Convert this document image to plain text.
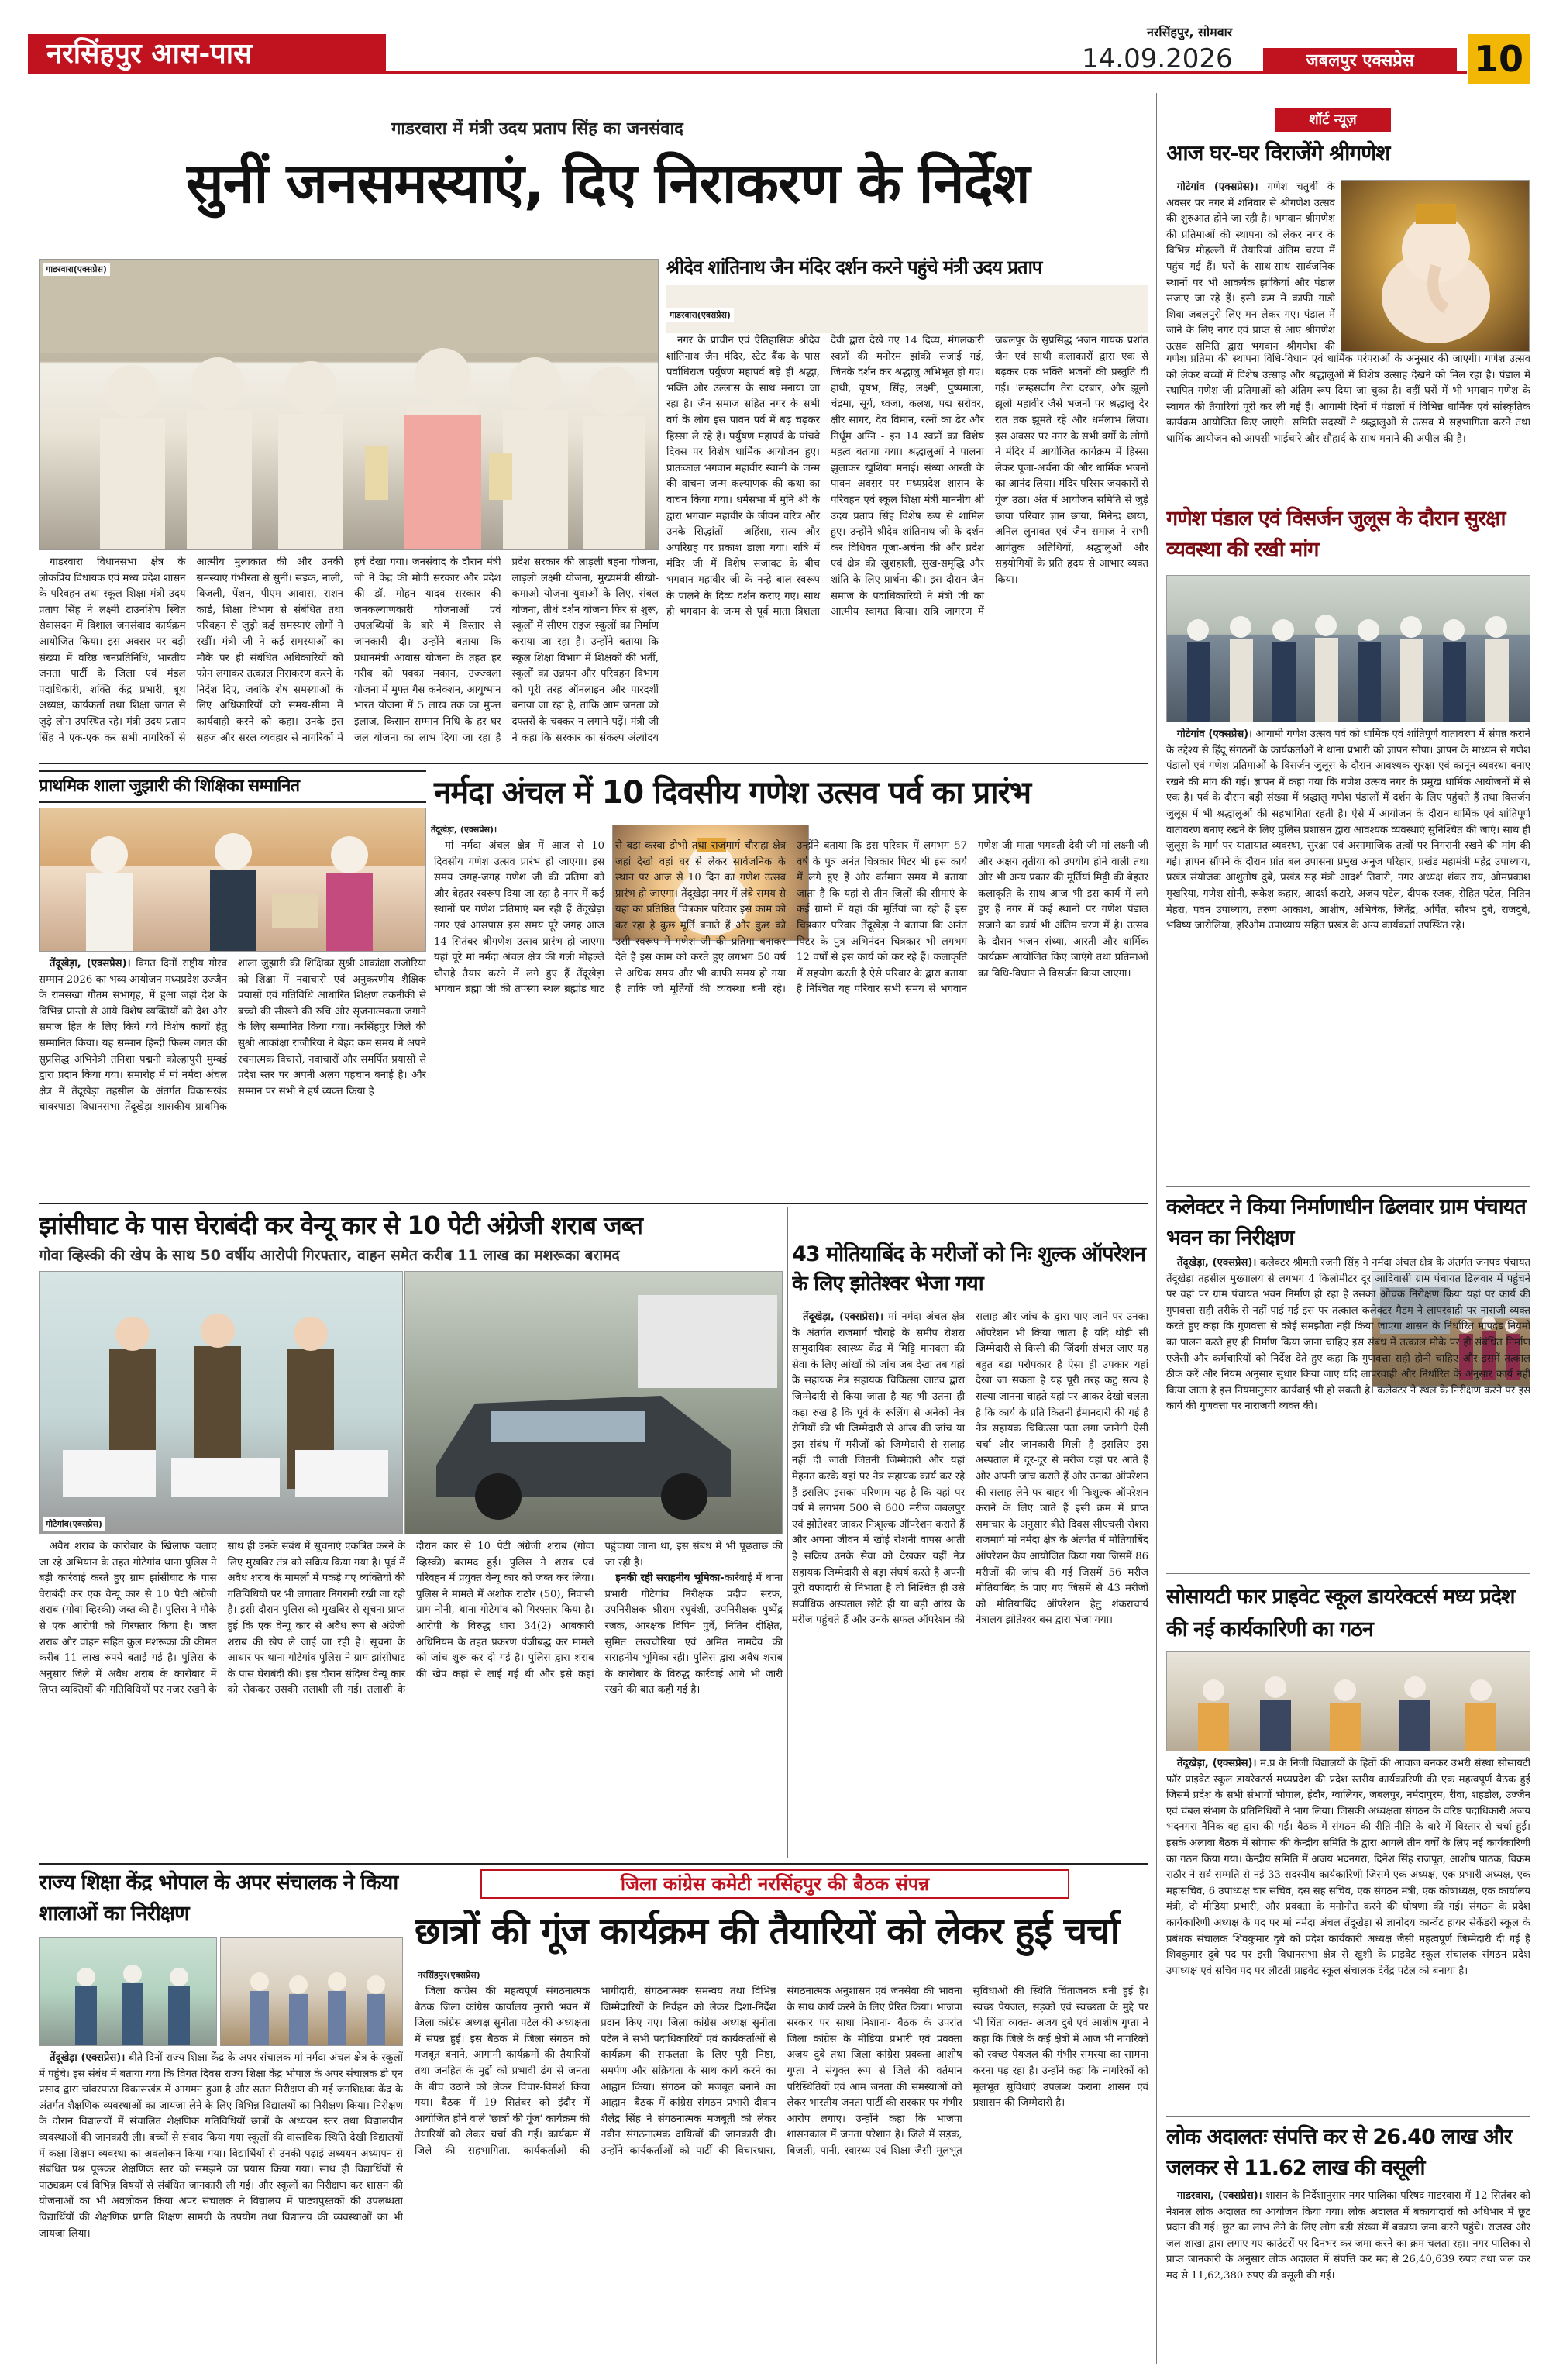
नरसिंहपुर आस-पास
नरसिंहपुर, सोमवार
14.09.2026	जबलपुर एक्सप्रेस	10
गाडरवारा में मंत्री उदय प्रताप सिंह का जनसंवाद
सुनीं जनसमस्याएं, दिए निराकरण के निर्देश
गाडरवारा(एक्सप्रेस)

गाडरवारा विधानसभा क्षेत्र के लोकप्रिय विधायक एवं मध्य प्रदेश शासन के परिवहन तथा स्कूल शिक्षा मंत्री उदय प्रताप सिंह ने लक्ष्मी टाउनशिप स्थित सेवासदन में विशाल जनसंवाद कार्यक्रम आयोजित किया। इस अवसर पर बड़ी संख्या में वरिष्ठ जनप्रतिनिधि, भारतीय जनता पार्टी के जिला एवं मंडल पदाधिकारी, शक्ति केंद्र प्रभारी, बूथ अध्यक्ष, कार्यकर्ता तथा शिक्षा जगत से जुड़े लोग उपस्थित रहे। मंत्री उदय प्रताप सिंह ने एक-एक कर सभी नागरिकों से आत्मीय मुलाकात की और उनकी समस्याएं गंभीरता से सुनीं। सड़क, नाली, बिजली, पेंशन, पीएम आवास, राशन कार्ड, शिक्षा विभाग से संबंधित तथा परिवहन से जुड़ी कई समस्याएं लोगों ने रखीं। मंत्री जी ने कई समस्याओं का मौके पर ही संबंधित अधिकारियों को फोन लगाकर तत्काल निराकरण करने के निर्देश दिए, जबकि शेष समस्याओं के लिए अधिकारियों को समय-सीमा में कार्यवाही करने को कहा। उनके इस सहज और सरल व्यवहार से नागरिकों में हर्ष देखा गया। जनसंवाद के दौरान मंत्री जी ने केंद्र की मोदी सरकार और प्रदेश की डॉ. मोहन यादव सरकार की जनकल्याणकारी योजनाओं एवं उपलब्धियों के बारे में विस्तार से जानकारी दी। उन्होंने बताया कि प्रधानमंत्री आवास योजना के तहत हर गरीब को पक्का मकान, उज्ज्वला योजना में मुफ्त गैस कनेक्शन, आयुष्मान भारत योजना में 5 लाख तक का मुफ्त इलाज, किसान सम्मान निधि के हर घर जल योजना का लाभ दिया जा रहा है प्रदेश सरकार की लाड़ली बहना योजना, लाड़ली लक्ष्मी योजना, मुख्यमंत्री सीखो-कमाओ योजना युवाओं के लिए, संबल योजना, तीर्थ दर्शन योजना फिर से शुरू, स्कूलों में सीएम राइज स्कूलों का निर्माण कराया जा रहा है। उन्होंने बताया कि स्कूल शिक्षा विभाग में शिक्षकों की भर्ती, स्कूलों का उन्नयन और परिवहन विभाग को पूरी तरह ऑनलाइन और पारदर्शी बनाया जा रहा है, ताकि आम जनता को दफ्तरों के चक्कर न लगाने पड़ें। मंत्री जी ने कहा कि सरकार का संकल्प अंत्योदय

श्रीदेव शांतिनाथ जैन मंदिर दर्शन करने पहुंचे मंत्री उदय प्रताप
गाडरवारा(एक्सप्रेस)

नगर के प्राचीन एवं ऐतिहासिक श्रीदेव शांतिनाथ जैन मंदिर, स्टेट बैंक के पास पर्वाधिराज पर्युषण महापर्व बड़े ही श्रद्धा, भक्ति और उल्लास के साथ मनाया जा रहा है। जैन समाज सहित नगर के सभी वर्ग के लोग इस पावन पर्व में बढ़ चढ़कर हिस्सा ले रहे हैं। पर्युषण महापर्व के पांचवे दिवस पर विशेष धार्मिक आयोजन हुए। प्रातःकाल भगवान महावीर स्वामी के जन्म की वाचना जन्म कल्याणक की कथा का वाचन किया गया। धर्मसभा में मुनि श्री के द्वारा भगवान महावीर के जीवन चरित्र और उनके सिद्धांतों - अहिंसा, सत्य और अपरिग्रह पर प्रकाश डाला गया। रात्रि में मंदिर जी में विशेष सजावट के बीच भगवान महावीर जी के नन्हे बाल स्वरूप के पालने के दिव्य दर्शन कराए गए। साथ ही भगवान के जन्म से पूर्व माता त्रिशला देवी द्वारा देखे गए 14 दिव्य, मंगलकारी स्वप्नों की मनोरम झांकी सजाई गई, जिनके दर्शन कर श्रद्धालु अभिभूत हो गए। हाथी, वृषभ, सिंह, लक्ष्मी, पुष्पमाला, चंद्रमा, सूर्य, ध्वजा, कलश, पद्म सरोवर, क्षीर सागर, देव विमान, रत्नों का ढेर और निर्धूम अग्नि - इन 14 स्वप्नों का विशेष महत्व बताया गया। श्रद्धालुओं ने पालना झुलाकर खुशियां मनाई। संध्या आरती के पावन अवसर पर मध्यप्रदेश शासन के परिवहन एवं स्कूल शिक्षा मंत्री माननीय श्री उदय प्रताप सिंह विशेष रूप से शामिल हुए। उन्होंने श्रीदेव शांतिनाथ जी के दर्शन कर विधिवत पूजा-अर्चना की और प्रदेश एवं क्षेत्र की खुशहाली, सुख-समृद्धि और शांति के लिए प्रार्थना की। इस दौरान जैन समाज के पदाधिकारियों ने मंत्री जी का आत्मीय स्वागत किया। रात्रि जागरण में जबलपुर के सुप्रसिद्ध भजन गायक प्रशांत जैन एवं साथी कलाकारों द्वारा एक से बढ़कर एक भक्ति भजनों की प्रस्तुति दी गई। 'लम्हसर्वांग तेरा दरबार, और झूलो झूलो महावीर जैसे भजनों पर श्रद्धालु देर रात तक झूमते रहे और धर्मलाभ लिया। इस अवसर पर नगर के सभी वर्गों के लोगों ने मंदिर में आयोजित कार्यक्रम में हिस्सा लेकर पूजा-अर्चना की और धार्मिक भजनों का आनंद लिया। मंदिर परिसर जयकारों से गूंज उठा। अंत में आयोजन समिति से जुड़े छाया परिवार ज्ञान छाया, मिनेन्द्र छाया, अनिल लुनावत एवं जैन समाज ने सभी आगंतुक अतिथियों, श्रद्धालुओं और सहयोगियों के प्रति हृदय से आभार व्यक्त किया।

शॉर्ट न्यूज़
आज घर-घर विराजेंगे श्रीगणेश

गोटेगांव (एक्सप्रेस)। गणेश चतुर्थी के अवसर पर नगर में शनिवार से श्रीगणेश उत्सव की शुरुआत होने जा रही है। भगवान श्रीगणेश की प्रतिमाओं की स्थापना को लेकर नगर के विभिन्न मोहल्लों में तैयारियां अंतिम चरण में पहुंच गई हैं। घरों के साथ-साथ सार्वजनिक स्थानों पर भी आकर्षक झांकियां और पंडाल सजाए जा रहे हैं। इसी क्रम में काफी गाडी शिवा जबलपुरी लिए मन लेकर गए। पंडाल में जाने के लिए नगर एवं प्राप्त से आए श्रीगणेश उत्सव समिति द्वारा भगवान श्रीगणेश की

गणेश प्रतिमा की स्थापना विधि-विधान एवं धार्मिक परंपराओं के अनुसार की जाएगी। गणेश उत्सव को लेकर बच्चों में विशेष उत्साह और श्रद्धालुओं में विशेष उत्साह देखने को मिल रहा है। पंडाल में स्थापित गणेश जी प्रतिमाओं को अंतिम रूप दिया जा चुका है। वहीं घरों में भी भगवान गणेश के स्वागत की तैयारियां पूरी कर ली गई हैं। आगामी दिनों में पंडालों में विभिन्न धार्मिक एवं सांस्कृतिक कार्यक्रम आयोजित किए जाएंगे। समिति सदस्यों ने श्रद्धालुओं से उत्सव में सहभागिता करने तथा धार्मिक आयोजन को आपसी भाईचारे और सौहार्द के साथ मनाने की अपील की है।

गणेश पंडाल एवं विसर्जन जुलूस के दौरान सुरक्षा व्यवस्था की रखी मांग

गोटेगांव (एक्सप्रेस)। आगामी गणेश उत्सव पर्व को धार्मिक एवं शांतिपूर्ण वातावरण में संपन्न कराने के उद्देश्य से हिंदू संगठनों के कार्यकर्ताओं ने थाना प्रभारी को ज्ञापन सौंपा। ज्ञापन के माध्यम से गणेश पंडालों एवं गणेश प्रतिमाओं के विसर्जन जुलूस के दौरान आवश्यक सुरक्षा एवं कानून-व्यवस्था बनाए रखने की मांग की गई। ज्ञापन में कहा गया कि गणेश उत्सव नगर के प्रमुख धार्मिक आयोजनों में से एक है। पर्व के दौरान बड़ी संख्या में श्रद्धालु गणेश पंडालों में दर्शन के लिए पहुंचते हैं तथा विसर्जन जुलूस में भी श्रद्धालुओं की सहभागिता रहती है। ऐसे में आयोजन के दौरान धार्मिक एवं शांतिपूर्ण वातावरण बनाए रखने के लिए पुलिस प्रशासन द्वारा आवश्यक व्यवस्थाएं सुनिश्चित की जाएं। साथ ही जुलूस के मार्ग पर यातायात व्यवस्था, सुरक्षा एवं असामाजिक तत्वों पर निगरानी रखने की मांग की गई। ज्ञापन सौंपने के दौरान प्रांत बल उपासना प्रमुख अनुज परिहार, प्रखंड महामंत्री महेंद्र उपाध्याय, प्रखंड संयोजक आशुतोष दुबे, प्रखंड सह मंत्री आदर्श तिवारी, नगर अध्यक्ष शंकर राय, ओमप्रकाश मुखरिया, गणेश सोनी, रूकेश कहार, आदर्श कटारे, अजय पटेल, दीपक रजक, रोहित पटेल, नितिन मेहरा, पवन उपाध्याय, तरुण आकाश, आशीष, अभिषेक, जितेंद्र, अर्पित, सौरभ दुबे, राजदुबे, भविष्य जारौलिया, हरिओम उपाध्याय सहित प्रखंड के अन्य कार्यकर्ता उपस्थित रहे।

कलेक्टर ने किया निर्माणाधीन ढिलवार ग्राम पंचायत भवन का निरीक्षण

तेंदूखेड़ा, (एक्सप्रेस)। कलेक्टर श्रीमती रजनी सिंह ने नर्मदा अंचल क्षेत्र के अंतर्गत जनपद पंचायत तेंदूखेड़ा तहसील मुख्यालय से लगभग 4 किलोमीटर दूर आदिवासी ग्राम पंचायत ढिलवार में पहुंचने पर वहां पर ग्राम पंचायत भवन निर्माण हो रहा है उसका औचक निरीक्षण किया यहां पर कार्य की गुणवत्ता सही तरीके से नहीं पाई गई इस पर तत्काल कलेक्टर मैडम ने लापरवाही पर नाराजी व्यक्त करते हुए कहा कि गुणवत्ता से कोई समझौता नहीं किया जाएगा शासन के निर्धारित मापदंड नियमों का पालन करते हुए ही निर्माण किया जाना चाहिए इस संबंध में तत्काल मौके पर ही संबंधित निर्माण एजेंसी और कर्मचारियों को निर्देश देते हुए कहा कि गुणवत्ता सही होनी चाहिए और इसमें तत्काल ठीक करें और नियम अनुसार सुधार किया जाए यदि लापरवाही और निर्धारित के अनुसार कार्य नहीं किया जाता है इस नियमानुसार कार्यवाई भी हो सकती है। कलेक्टर ने स्थल के निरीक्षण करने पर इस कार्य की गुणवत्ता पर नाराजगी व्यक्त की।

सोसायटी फार प्राइवेट स्कूल डायरेक्टर्स मध्य प्रदेश की नई कार्यकारिणी का गठन

तेंदूखेड़ा, (एक्सप्रेस)। म.प्र के निजी विद्यालयों के हितों की आवाज बनकर उभरी संस्था सोसायटी फॉर प्राइवेट स्कूल डायरेक्टर्स मध्यप्रदेश की प्रदेश स्तरीय कार्यकारिणी की एक महत्वपूर्ण बैठक हुई जिसमें प्रदेश के सभी संभागों भोपाल, इंदौर, ग्वालियर, जबलपुर, नर्मदापुरम, रीवा, शहडोल, उज्जैन एवं चंबल संभाग के प्रतिनिधियों ने भाग लिया। जिसकी अध्यक्षता संगठन के वरिष्ठ पदाधिकारी अजय भदनगरा नैनिक वह द्वारा की गई। बैठक में संगठन की रीति-नीति के बारे में विस्तार से चर्चा हुई। इसके अलावा बैठक में सोपास की केन्द्रीय समिति के द्वारा आगले तीन वर्षों के लिए नई कार्यकारिणी का गठन किया गया। केन्द्रीय समिति में अजय भदनगरा, दिनेश सिंह राजपूत, आशीष पाठक, विक्रम राठौर ने सर्व सम्मति से नई 33 सदस्यीय कार्यकारिणी जिसमें एक अध्यक्ष, एक प्रभारी अध्यक्ष, एक महासचिव, 6 उपाध्यक्ष चार सचिव, दस सह सचिव, एक संगठन मंत्री, एक कोषाध्यक्ष, एक कार्यालय मंत्री, दो मीडिया प्रभारी, और प्रवक्ता के मनोनीत करने की घोषणा की गई। संगठन के प्रदेश कार्यकारिणी अध्यक्ष के पद पर मां नर्मदा अंचल तेंदूखेड़ा से ज्ञानोदय कान्वेंट हायर सेकेंडरी स्कूल के प्रबंधक संचालक शिवकुमार दुबे को प्रदेश कार्यकारी अध्यक्ष जैसी महत्वपूर्ण जिम्मेदारी दी गई है शिवकुमार दुबे पद पर इसी विधानसभा क्षेत्र से खुशी के प्राइवेट स्कूल संचालक संगठन प्रदेश उपाध्यक्ष एवं सचिव पद पर लौटती प्राइवेट स्कूल संचालक देवेंद्र पटेल को बनाया है।

लोक अदालतः संपत्ति कर से 26.40 लाख और जलकर से 11.62 लाख की वसूली

गाडरवारा, (एक्सप्रेस)। शासन के निर्देशानुसार नगर पालिका परिषद गाडरवारा में 12 सितंबर को नेशनल लोक अदालत का आयोजन किया गया। लोक अदालत में बकायादारों को अधिभार में छूट प्रदान की गई। छूट का लाभ लेने के लिए लोग बड़ी संख्या में बकाया जमा करने पहुंचे। राजस्व और जल शाखा द्वारा लगाए गए काउंटरों पर दिनभर कर जमा करने का क्रम चलता रहा। नगर पालिका से प्राप्त जानकारी के अनुसार लोक अदालत में संपत्ति कर मद से 26,40,639 रुपए तथा जल कर मद से 11,62,380 रुपए की वसूली की गई।

प्राथमिक शाला जुझारी की शिक्षिका सम्मानित

तेंदूखेड़ा, (एक्सप्रेस)। विगत दिनों राष्ट्रीय गौरव सम्मान 2026 का भव्य आयोजन मध्यप्रदेश उज्जैन के रामसखा गौतम सभागृह, में हुआ जहां देश के विभिन्न प्रान्तो से आये विशेष व्यक्तियों को देश और समाज हित के लिए किये गये विशेष कार्यों हेतु सम्मानित किया। यह सम्मान हिन्दी फिल्म जगत की सुप्रसिद्ध अभिनेत्री तनिशा पद्मनी कोल्हापुरी मुम्बई द्वारा प्रदान किया गया। समारोह में मां नर्मदा अंचल क्षेत्र में तेंदूखेड़ा तहसील के अंतर्गत विकासखंड चावरपाठा विधानसभा तेंदूखेड़ा शासकीय प्राथमिक शाला जुझारी की शिक्षिका सुश्री आकांक्षा राजौरिया को शिक्षा में नवाचारी एवं अनुकरणीय शैक्षिक प्रयासों एवं गतिविधि आधारित शिक्षण तकनीकी से बच्चों की सीखने की रुचि और सृजनात्मकता जगाने के लिए सम्मानित किया गया। नरसिंहपुर जिले की सुश्री आकांक्षा राजौरिया ने बेहद कम समय में अपने रचनात्मक विचारों, नवाचारों और समर्पित प्रयासों से प्रदेश स्तर पर अपनी अलग पहचान बनाई है। और सम्मान पर सभी ने हर्ष व्यक्त किया है

नर्मदा अंचल में 10 दिवसीय गणेश उत्सव पर्व का प्रारंभ
तेंदूखेड़ा, (एक्सप्रेस)।

मां नर्मदा अंचल क्षेत्र में आज से 10 दिवसीय गणेश उत्सव प्रारंभ हो जाएगा। इस समय जगह-जगह गणेश जी की प्रतिमा को और बेहतर स्वरूप दिया जा रहा है नगर में कई स्थानों पर गणेश प्रतिमाएं बन रही हैं तेंदूखेड़ा नगर एवं आसपास इस समय पूरे जगह आज 14 सितंबर श्रीगणेश उत्सव प्रारंभ हो जाएगा यहां पूरे मां नर्मदा अंचल क्षेत्र की गली मोहल्ले चौराहे तैयार करने में लगे हुए हैं तेंदूखेड़ा भगवान ब्रह्मा जी की तपस्या स्थल ब्रह्मांड घाट से बड़ा कस्बा डोभी तथा राजमार्ग चौराहा क्षेत्र जहां देखो वहां घर से लेकर सार्वजनिक के स्थान पर आज से 10 दिन का गणेश उत्सव प्रारंभ हो जाएगा। तेंदूखेड़ा नगर में लंबे समय से यहां का प्रतिष्ठित चित्रकार परिवार इस काम को कर रहा है कुछ मूर्ति बनाते हैं और कुछ को उसी स्वरूप में गणेश जी की प्रतिमा बनाकर देते हैं इस काम को करते हुए लगभग 50 वर्ष से अधिक समय और भी काफी समय हो गया है ताकि जो मूर्तियों की व्यवस्था बनी रहे। उन्होंने बताया कि इस परिवार में लगभग 57 वर्ष के पुत्र अनंत चित्रकार पिटर भी इस कार्य में लगे हुए हैं और वर्तमान समय में बताया जाता है कि यहां से तीन जिलों की सीमाएं के कई ग्रामों में यहां की मूर्तियां जा रही हैं इस चित्रकार परिवार तेंदूखेड़ा ने बताया कि अनंत पिटर के पुत्र अभिनंदन चित्रकार भी लगभग 12 वर्षों से इस कार्य को कर रहे हैं। कलाकृति में सहयोग करती है ऐसे परिवार के द्वारा बताया है निश्चित यह परिवार सभी समय से भगवान गणेश जी माता भगवती देवी जी मां लक्ष्मी जी और अक्षय तृतीया को उपयोग होने वाली तथा और भी अन्य प्रकार की मूर्तियां मिट्टी की बेहतर कलाकृति के साथ आज भी इस कार्य में लगे हुए हैं नगर में कई स्थानों पर गणेश पंडाल सजाने का कार्य भी अंतिम चरण में है। उत्सव के दौरान भजन संध्या, आरती और धार्मिक कार्यक्रम आयोजित किए जाएंगे तथा प्रतिमाओं का विधि-विधान से विसर्जन किया जाएगा।

झांसीघाट के पास घेराबंदी कर वेन्यू कार से 10 पेटी अंग्रेजी शराब जब्त
गोवा व्हिस्की की खेप के साथ 50 वर्षीय आरोपी गिरफ्तार, वाहन समेत करीब 11 लाख का मशरूका बरामद
गोटेगांव(एक्सप्रेस)

अवैध शराब के कारोबार के खिलाफ चलाए जा रहे अभियान के तहत गोटेगांव थाना पुलिस ने बड़ी कार्रवाई करते हुए ग्राम झांसीघाट के पास घेराबंदी कर एक वेन्यू कार से 10 पेटी अंग्रेजी शराब (गोवा व्हिस्की) जब्त की है। पुलिस ने मौके से एक आरोपी को गिरफ्तार किया है। जब्त शराब और वाहन सहित कुल मशरूका की कीमत करीब 11 लाख रुपये बताई गई है। पुलिस के अनुसार जिले में अवैध शराब के कारोबार में लिप्त व्यक्तियों की गतिविधियों पर नजर रखने के साथ ही उनके संबंध में सूचनाएं एकत्रित करने के लिए मुखबिर तंत्र को सक्रिय किया गया है। पूर्व में अवैध शराब के मामलों में पकड़े गए व्यक्तियों की गतिविधियों पर भी लगातार निगरानी रखी जा रही है। इसी दौरान पुलिस को मुखबिर से सूचना प्राप्त हुई कि एक वेन्यू कार से अवैध रूप से अंग्रेजी शराब की खेप ले जाई जा रही है। सूचना के आधार पर थाना गोटेगांव पुलिस ने ग्राम झांसीघाट के पास घेराबंदी की। इस दौरान संदिग्ध वेन्यू कार को रोककर उसकी तलाशी ली गई। तलाशी के दौरान कार से 10 पेटी अंग्रेजी शराब (गोवा व्हिस्की) बरामद हुई। पुलिस ने शराब एवं परिवहन में प्रयुक्त वेन्यू कार को जब्त कर लिया। पुलिस ने मामले में अशोक राठौर (50), निवासी ग्राम नोनी, थाना गोटेगांव को गिरफ्तार किया है। आरोपी के विरुद्ध धारा 34(2) आबकारी अधिनियम के तहत प्रकरण पंजीबद्ध कर मामले को जांच शुरू कर दी गई है। पुलिस द्वारा शराब की खेप कहां से लाई गई थी और इसे कहां पहुंचाया जाना था, इस संबंध में भी पूछताछ की जा रही है।

इनकी रही सराहनीय भूमिका-कार्रवाई में थाना प्रभारी गोटेगांव निरीक्षक प्रदीप सरफ, उपनिरीक्षक श्रीराम रघुवंशी, उपनिरीक्षक पुष्पेंद्र रजक, आरक्षक विपिन पुर्वे, नितिन दीक्षित, सुमित लखचौरिया एवं अमित नामदेव की सराहनीय भूमिका रही। पुलिस द्वारा अवैध शराब के कारोबार के विरुद्ध कार्रवाई आगे भी जारी रखने की बात कही गई है।

43 मोतियाबिंद के मरीजों को निः शुल्क ऑपरेशन के लिए झोतेश्वर भेजा गया

तेंदूखेड़ा, (एक्सप्रेस)। मां नर्मदा अंचल क्षेत्र के अंतर्गत राजमार्ग चौराहे के समीप रोशरा सामुदायिक स्वास्थ्य केंद्र में मिट्टि मानवता की सेवा के लिए आंखों की जांच जब देखा तब यहां के सहायक नेत्र सहायक चिकित्सा जाटव द्वारा जिम्मेदारी से किया जाता है यह भी उतना ही कड़ा रुख है कि पूर्व के रूलिंग से अनेकों नेत्र रोगियों की भी जिम्मेदारी से आंख की जांच या इस संबंध में मरीजों को जिम्मेदारी से सलाह नहीं दी जाती जितनी जिम्मेदारी और यहां मेहनत करके यहां पर नेत्र सहायक कार्य कर रहे हैं इसलिए इसका परिणाम यह है कि यहां पर वर्ष में लगभग 500 से 600 मरीज जबलपुर एवं झोतेश्वर जाकर निःशुल्क ऑपरेशन कराते हैं और अपना जीवन में खोई रोशनी वापस आती है सक्रिय उनके सेवा को देखकर यहीं नेत्र सहायक जिम्मेदारी से बड़ा संघर्ष करते है अपनी पूरी वफादारी से निभाता है तो निश्चित ही उसे सर्वाधिक अस्पताल छोटे ही या बड़ी आंख के मरीज पहुंचते हैं और उनके सफल ऑपरेशन की सलाह और जांच के द्वारा पाए जाने पर उनका ऑपरेशन भी किया जाता है यदि थोड़ी सी जिम्मेदारी से किसी की जिंदगी संभल जाए यह बहुत बड़ा परोपकार है ऐसा ही उपकार यहां देखा जा सकता है यह पूरी तरह कटु सत्य है सल्या जानना चाहते यहां पर आकर देखो चलता है कि कार्य के प्रति कितनी ईमानदारी की गई है नेत्र सहायक चिकित्सा पता लगा जानेगी ऐसी चर्चा और जानकारी मिली है इसलिए इस अस्पताल में दूर-दूर से मरीज यहां पर आते हैं और अपनी जांच कराते हैं और उनका ऑपरेशन की सलाह लेने पर बाहर भी निःशुल्क ऑपरेशन कराने के लिए जाते हैं इसी क्रम में प्राप्त समाचार के अनुसार बीते दिवस सीएचसी रोशरा राजमार्ग मां नर्मदा क्षेत्र के अंतर्गत में मोतियाबिंद ऑपरेशन कैंप आयोजित किया गया जिसमें 86 मरीजों की जांच की गई जिसमें 56 मरीज मोतियाबिंद के पाए गए जिसमें से 43 मरीजों को मोतियाबिंद ऑपरेशन हेतु शंकराचार्य नेत्रालय झोतेश्वर बस द्वारा भेजा गया।

राज्य शिक्षा केंद्र भोपाल के अपर संचालक ने किया शालाओं का निरीक्षण

तेंदूखेड़ा (एक्सप्रेस)। बीते दिनों राज्य शिक्षा केंद्र के अपर संचालक मां नर्मदा अंचल क्षेत्र के स्कूलों में पहुंचे। इस संबंध में बताया गया कि विगत दिवस राज्य शिक्षा केंद्र भोपाल के अपर संचालक डी एन प्रसाद द्वारा चांवरपाठा विकासखंड में आगमन हुआ है और सतत निरीक्षण की गई जनशिक्षक केंद्र के अंतर्गत शैक्षणिक व्यवस्थाओं का जायजा लेने के लिए विभिन्न विद्यालयों का निरीक्षण किया। निरीक्षण के दौरान विद्यालयों में संचालित शैक्षणिक गतिविधियों छात्रों के अध्ययन स्तर तथा विद्यालयीन व्यवस्थाओं की जानकारी ली। बच्चों से संवाद किया गया स्कूलों की वास्तविक स्थिति देखी विद्यालयों में कक्षा शिक्षण व्यवस्था का अवलोकन किया गया। विद्यार्थियों से उनकी पढ़ाई अध्ययन अध्यापन से संबंधित प्रश्न पूछकर शैक्षणिक स्तर को समझने का प्रयास किया गया। साथ ही विद्यार्थियों से पाठ्यक्रम एवं विभिन्न विषयों से संबंधित जानकारी ली गई। और स्कूलों का निरीक्षण कर शासन की योजनाओं का भी अवलोकन किया अपर संचालक ने विद्यालय में पाठ्यपुस्तकों की उपलब्धता विद्यार्थियों की शैक्षणिक प्रगति शिक्षण सामग्री के उपयोग तथा विद्यालय की व्यवस्थाओं का भी जायजा लिया।

जिला कांग्रेस कमेटी नरसिंहपुर की बैठक संपन्न
छात्रों की गूंज कार्यक्रम की तैयारियों को लेकर हुई चर्चा
नरसिंहपुर(एक्सप्रेस)

जिला कांग्रेस की महत्वपूर्ण संगठनात्मक बैठक जिला कांग्रेस कार्यालय मुरारी भवन में जिला कांग्रेस अध्यक्ष सुनीता पटेल की अध्यक्षता में संपन्न हुई। इस बैठक में जिला संगठन को मजबूत बनाने, आगामी कार्यक्रमों की तैयारियों तथा जनहित के मुद्दों को प्रभावी ढंग से जनता के बीच उठाने को लेकर विचार-विमर्श किया गया। बैठक में 19 सितंबर को इंदौर में आयोजित होने वाले 'छात्रों की गूंज' कार्यक्रम की तैयारियों को लेकर चर्चा की गई। कार्यक्रम में जिले की सहभागिता, कार्यकर्ताओं की भागीदारी, संगठनात्मक समन्वय तथा विभिन्न जिम्मेदारियों के निर्वहन को लेकर दिशा-निर्देश प्रदान किए गए। जिला कांग्रेस अध्यक्ष सुनीता पटेल ने सभी पदाधिकारियों एवं कार्यकर्ताओं से कार्यक्रम की सफलता के लिए पूरी निष्ठा, समर्पण और सक्रियता के साथ कार्य करने का आह्वान किया। संगठन को मजबूत बनाने का आह्वान- बैठक में कांग्रेस संगठन प्रभारी दीवान शैलेंद्र सिंह ने संगठनात्मक मजबूती को लेकर नवीन संगठनात्मक दायित्वों की जानकारी दी। उन्होंने कार्यकर्ताओं को पार्टी की विचारधारा, संगठनात्मक अनुशासन एवं जनसेवा की भावना के साथ कार्य करने के लिए प्रेरित किया। भाजपा सरकार पर साधा निशाना- बैठक के उपरांत जिला कांग्रेस के मीडिया प्रभारी एवं प्रवक्ता अजय दुबे तथा जिला कांग्रेस प्रवक्ता आशीष गुप्ता ने संयुक्त रूप से जिले की वर्तमान परिस्थितियों एवं आम जनता की समस्याओं को लेकर भारतीय जनता पार्टी की सरकार पर गंभीर आरोप लगाए। उन्होंने कहा कि भाजपा शासनकाल में जनता परेशान है। जिले में सड़क, बिजली, पानी, स्वास्थ्य एवं शिक्षा जैसी मूलभूत सुविधाओं की स्थिति चिंताजनक बनी हुई है। स्वच्छ पेयजल, सड़कों एवं स्वच्छता के मुद्दे पर भी चिंता व्यक्त- अजय दुबे एवं आशीष गुप्ता ने कहा कि जिले के कई क्षेत्रों में आज भी नागरिकों को स्वच्छ पेयजल की गंभीर समस्या का सामना करना पड़ रहा है। उन्होंने कहा कि नागरिकों को मूलभूत सुविधाएं उपलब्ध कराना शासन एवं प्रशासन की जिम्मेदारी है।
